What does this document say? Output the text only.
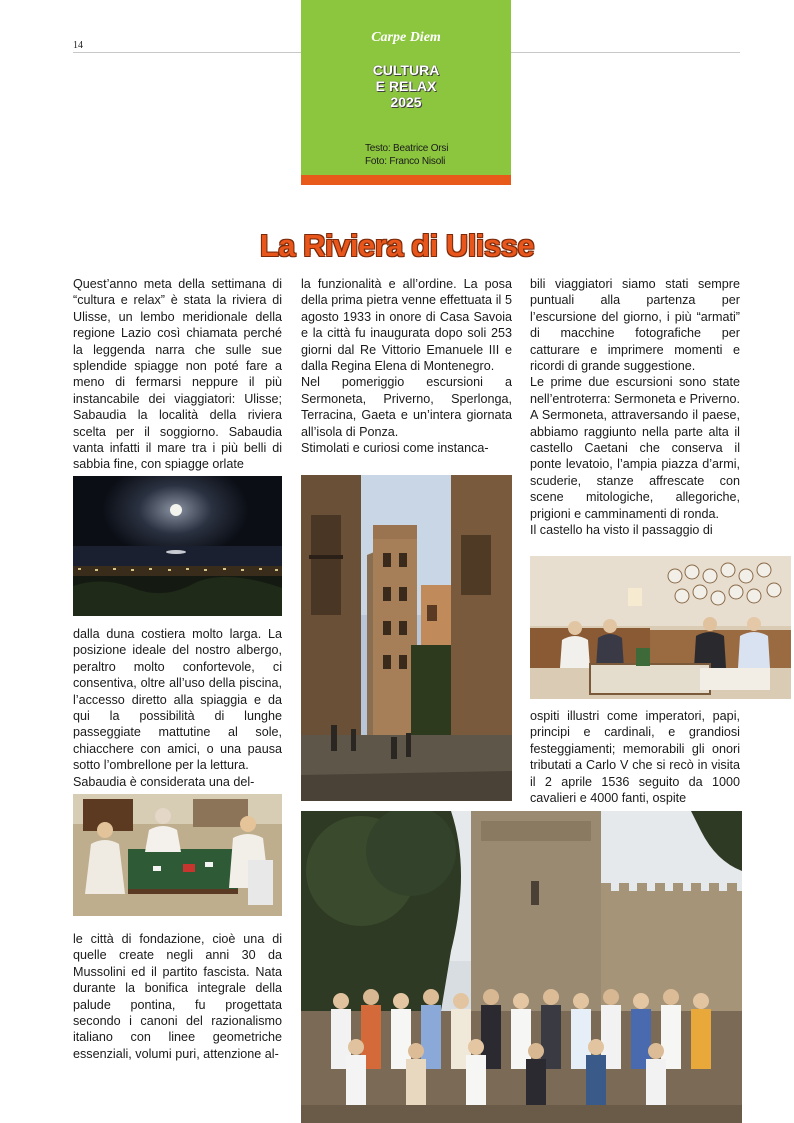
14
Carpe Diem
CULTURA
E RELAX
2025
Testo: Beatrice Orsi
Foto: Franco Nisoli
La Riviera di Ulisse

Quest’anno meta della settimana di “cultura e relax” è stata la riviera di Ulisse, un lembo meridionale della regione Lazio così chiamata perché la leggenda narra che sulle sue splendide spiagge non poté fare a meno di fermarsi neppure il più instancabile dei viaggiatori: Ulisse; Sabaudia la località della riviera scelta per il soggiorno. Sabaudia vanta infatti il mare tra i più belli di sabbia fine, con spiagge orlate

dalla duna costiera molto larga. La posizione ideale del nostro albergo, peraltro molto confortevole, ci consentiva, oltre all’uso della piscina, l’accesso diretto alla spiaggia e da qui la possibilità di lunghe passeggiate mattutine al sole, chiacchere con amici, o una pausa sotto l’ombrellone per la lettura.

Sabaudia è considerata una del-

le città di fondazione, cioè una di quelle create negli anni 30 da Mussolini ed il partito fascista. Nata durante la bonifica integrale della palude pontina, fu progettata secondo i canoni del razionalismo italiano con linee geometriche essenziali, volumi puri, attenzione al-

la funzionalità e all’ordine. La posa della prima pietra venne effettuata il 5 agosto 1933 in onore di Casa Savoia e la città fu inaugurata dopo soli 253 giorni dal Re Vittorio Emanuele III e dalla Regina Elena di Montenegro.

Nel pomeriggio escursioni a Sermoneta, Priverno, Sperlonga, Terracina, Gaeta e un’intera giornata all’isola di Ponza.

Stimolati e curiosi come instanca-

bili viaggiatori siamo stati sempre puntuali alla partenza per l’escursione del giorno, i più “armati” di macchine fotografiche per catturare e imprimere momenti e ricordi di grande suggestione.

Le prime due escursioni sono state nell’entroterra: Sermoneta e Priverno. A Sermoneta, attraversando il paese, abbiamo raggiunto nella parte alta il castello Caetani che conserva il ponte levatoio, l’ampia piazza d’armi, scuderie, stanze affrescate con scene mitologiche, allegoriche, prigioni e camminamenti di ronda.

Il castello ha visto il passaggio di

ospiti illustri come imperatori, papi, principi e cardinali, e grandiosi festeggiamenti; memorabili gli onori tributati a Carlo V che si recò in visita il 2 aprile 1536 seguito da 1000 cavalieri e 4000 fanti, ospite
